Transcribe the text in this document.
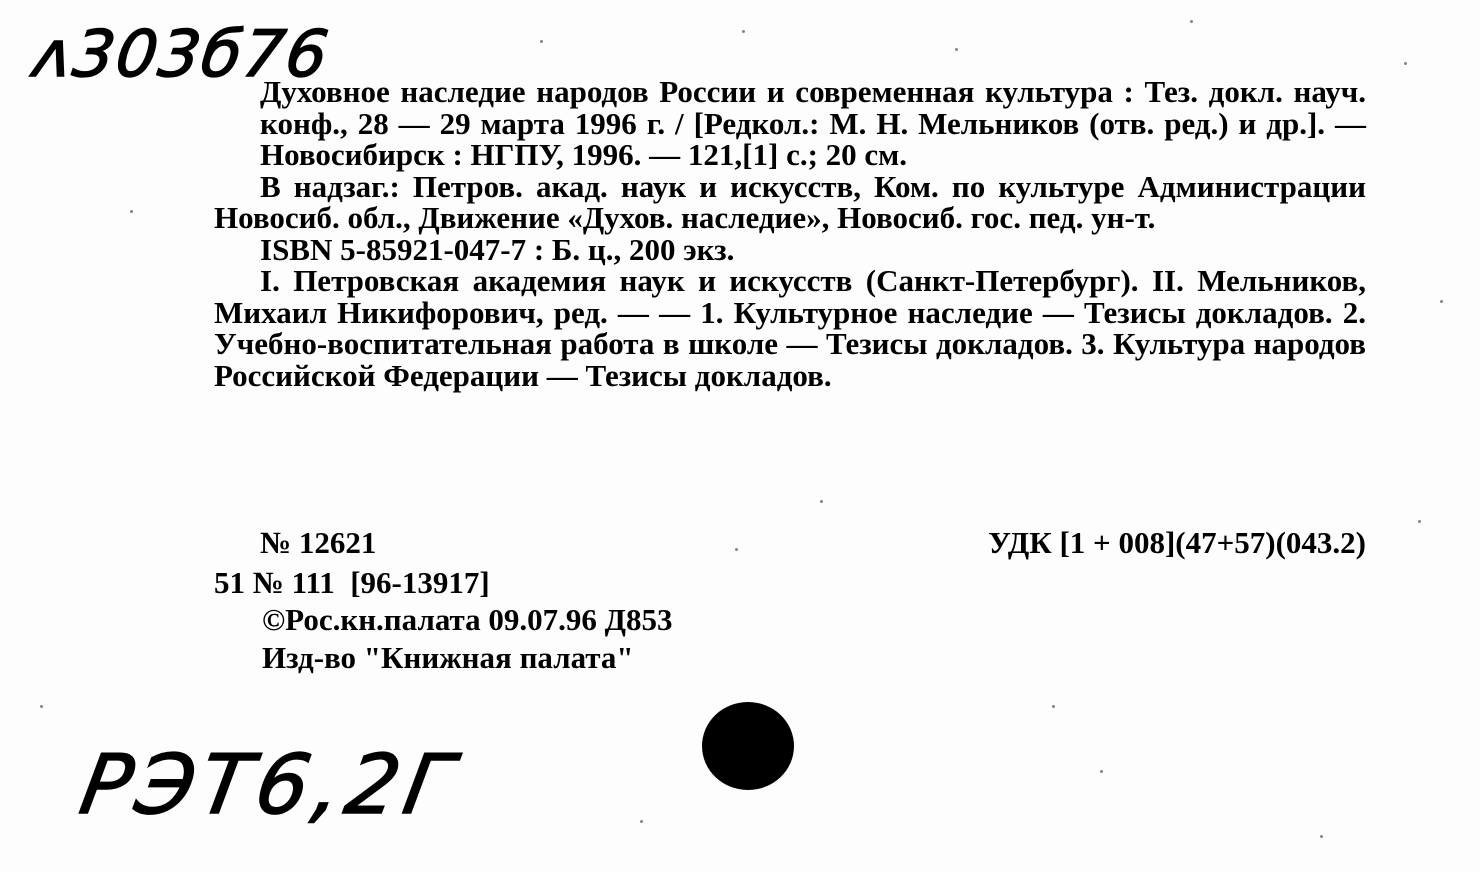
ʌ303б76

Духовное наследие народов России и современная культура : Тез. докл. науч. конф., 28 — 29 марта 1996 г. / [Редкол.: М. Н. Мельников (отв. ред.) и др.]. — Новосибирск : НГПУ, 1996. — 121,[1] с.; 20 см.

В надзаг.: Петров. акад. наук и искусств, Ком. по культуре Администрации Новосиб. обл., Движение «Духов. наследие», Новосиб. гос. пед. ун-т.

ISBN 5-85921-047-7 : Б. ц., 200 экз.

I. Петровская академия наук и искусств (Санкт-Петербург). II. Мельников, Михаил Никифорович, ред. — — 1. Культурное наследие — Тезисы докладов. 2. Учебно-воспитательная работа в школе — Тезисы докладов. 3. Культура народов Российской Федерации — Тезисы докладов.

№ 12621	УДК [1 + 008](47+57)(043.2)
51 № 111  [96-13917]
©Рос.кн.палата 09.07.96 Д853
Изд-во "Книжная палата"
РЭТ6,2Г
